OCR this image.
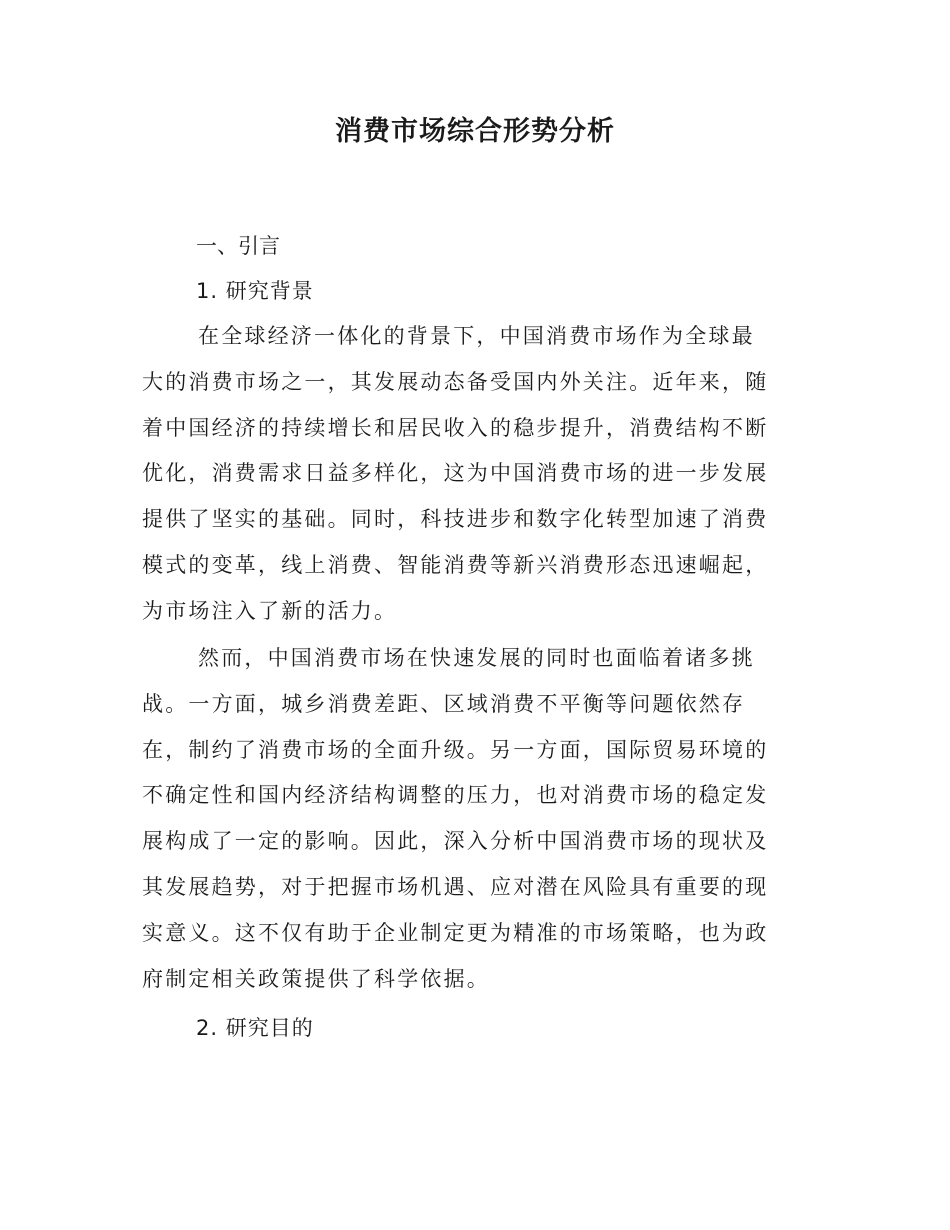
消费市场综合形势分析
一、引言
1. 研究背景

在全球经济一体化的背景下，中国消费市场作为全球最
大的消费市场之一，其发展动态备受国内外关注。近年来，随
着中国经济的持续增长和居民收入的稳步提升，消费结构不断
优化，消费需求日益多样化，这为中国消费市场的进一步发展
提供了坚实的基础。同时，科技进步和数字化转型加速了消费
模式的变革，线上消费、智能消费等新兴消费形态迅速崛起，
为市场注入了新的活力。

然而，中国消费市场在快速发展的同时也面临着诸多挑
战。一方面，城乡消费差距、区域消费不平衡等问题依然存
在，制约了消费市场的全面升级。另一方面，国际贸易环境的
不确定性和国内经济结构调整的压力，也对消费市场的稳定发
展构成了一定的影响。因此，深入分析中国消费市场的现状及
其发展趋势，对于把握市场机遇、应对潜在风险具有重要的现
实意义。这不仅有助于企业制定更为精准的市场策略，也为政
府制定相关政策提供了科学依据。

2. 研究目的
